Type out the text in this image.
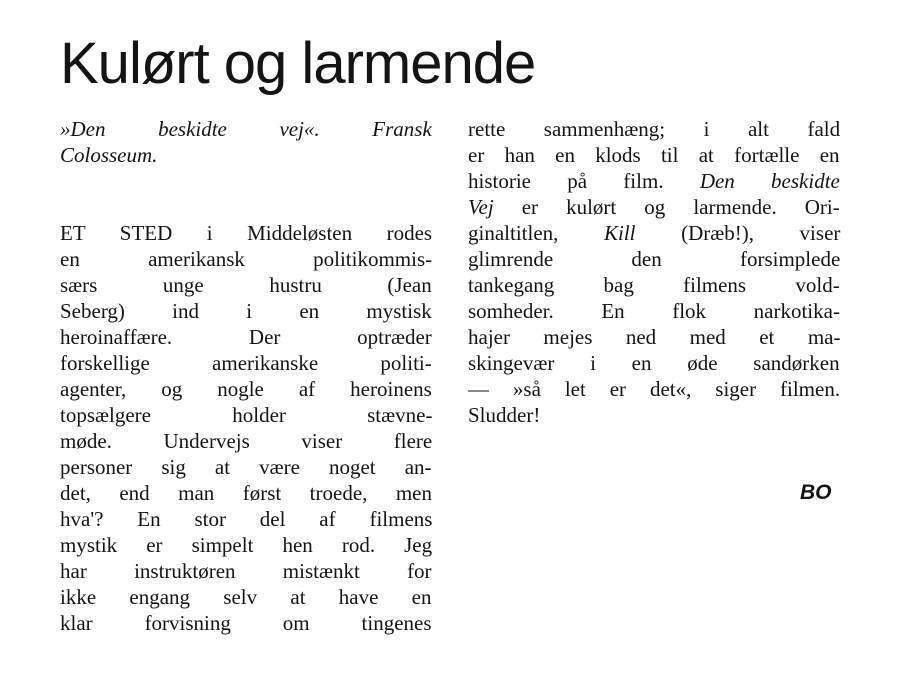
Kulørt og larmende
»Den beskidte vej«. Fransk
Colosseum.
ET STED i Middeløsten rodes
en amerikansk politikommis-
særs unge hustru (Jean
Seberg) ind i en mystisk
heroinaffære. Der optræder
forskellige amerikanske politi-
agenter, og nogle af heroinens
topsælgere holder stævne-
møde. Undervejs viser flere
personer sig at være noget an-
det, end man først troede, men
hva'? En stor del af filmens
mystik er simpelt hen rod. Jeg
har instruktøren mistænkt for
ikke engang selv at have en
klar forvisning om tingenes
rette sammenhæng; i alt fald
er han en klods til at fortælle en
historie på film. Den beskidte
Vej er kulørt og larmende. Ori-
ginaltitlen, Kill (Dræb!), viser
glimrende den forsimplede
tankegang bag filmens vold-
somheder. En flok narkotika-
hajer mejes ned med et ma-
skingevær i en øde sandørken
— »så let er det«, siger filmen.
Sludder!
BO
